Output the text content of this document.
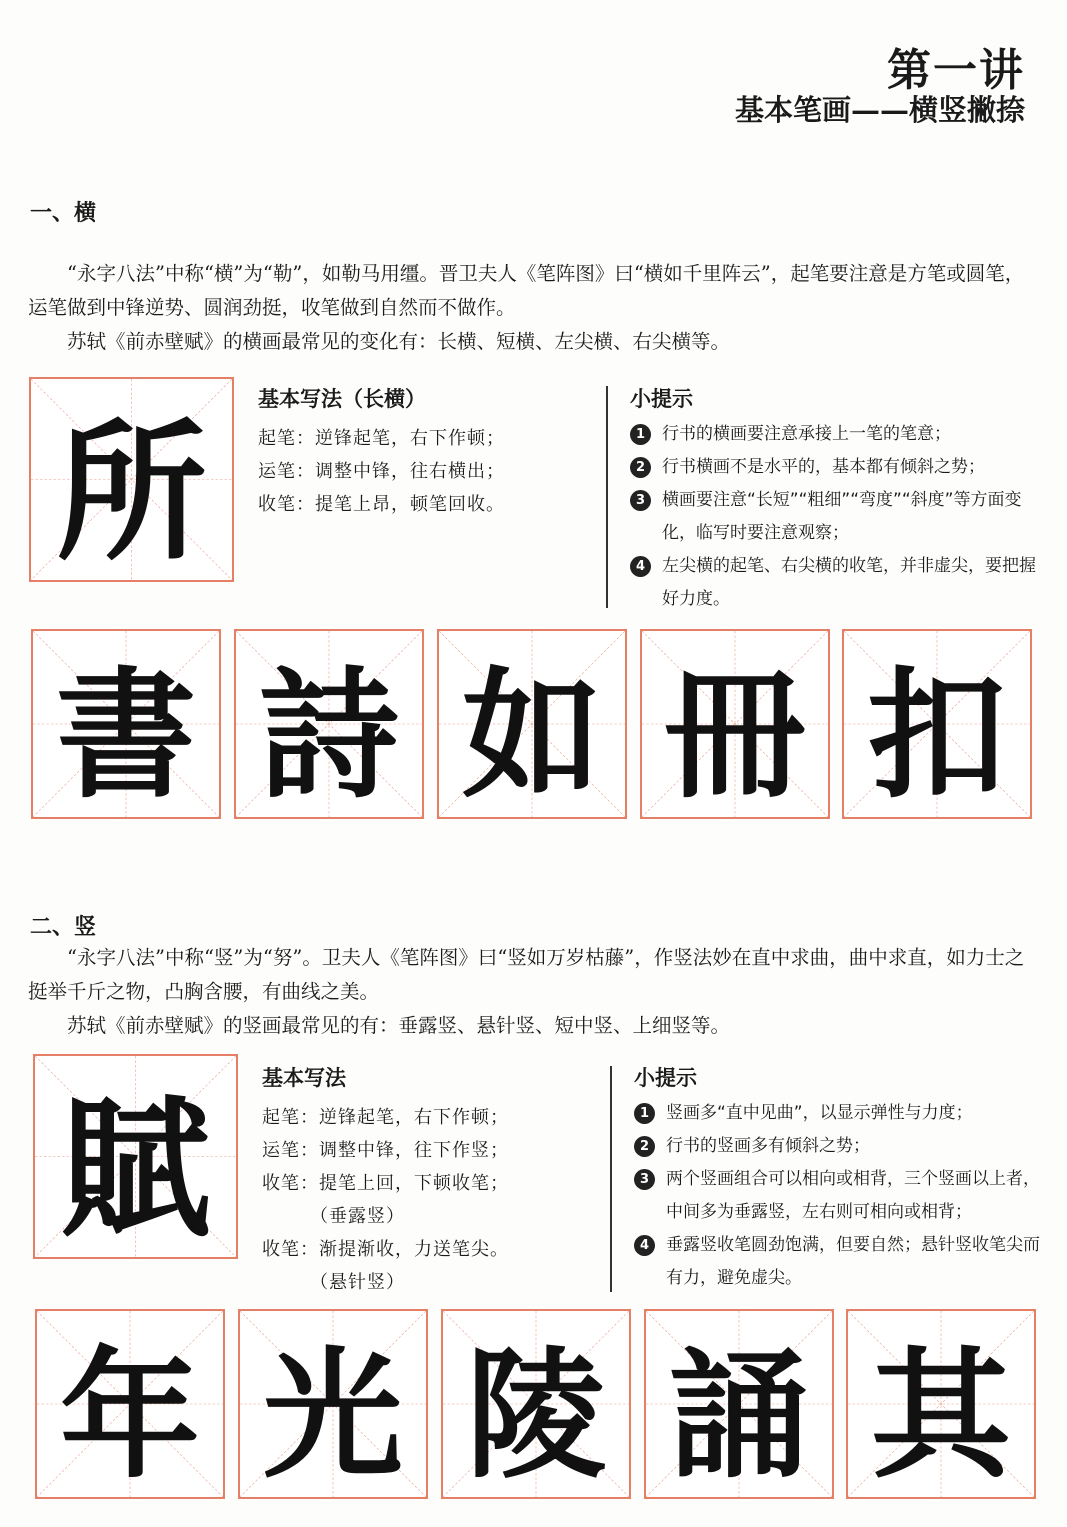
第一讲
基本笔画——横竖撇捺
一、横

“永字八法”中称“横”为“勒”，如勒马用缰。晋卫夫人《笔阵图》曰“横如千里阵云”，起笔要注意是方笔或圆笔，运笔做到中锋逆势、圆润劲挺，收笔做到自然而不做作。

苏轼《前赤壁赋》的横画最常见的变化有：长横、短横、左尖横、右尖横等。

所
基本写法（长横）
起笔：逆锋起笔，右下作顿；
运笔：调整中锋，往右横出；
收笔：提笔上昂，顿笔回收。
小提示
1 行书的横画要注意承接上一笔的笔意；
2 行书横画不是水平的，基本都有倾斜之势；
3 横画要注意“长短”“粗细”“弯度”“斜度”等方面变化，临写时要注意观察；
4 左尖横的起笔、右尖横的收笔，并非虚尖，要把握好力度。
書 詩 如 冊 扣
二、竖

“永字八法”中称“竖”为“努”。卫夫人《笔阵图》曰“竖如万岁枯藤”，作竖法妙在直中求曲，曲中求直，如力士之挺举千斤之物，凸胸含腰，有曲线之美。

苏轼《前赤壁赋》的竖画最常见的有：垂露竖、悬针竖、短中竖、上细竖等。

賦
基本写法
起笔：逆锋起笔，右下作顿；
运笔：调整中锋，往下作竖；
收笔：提笔上回，下顿收笔；
（垂露竖）
收笔：渐提渐收，力送笔尖。
（悬针竖）
小提示
1 竖画多“直中见曲”，以显示弹性与力度；
2 行书的竖画多有倾斜之势；
3 两个竖画组合可以相向或相背，三个竖画以上者，中间多为垂露竖，左右则可相向或相背；
4 垂露竖收笔圆劲饱满，但要自然；悬针竖收笔尖而有力，避免虚尖。
年 光 陵 誦 其
